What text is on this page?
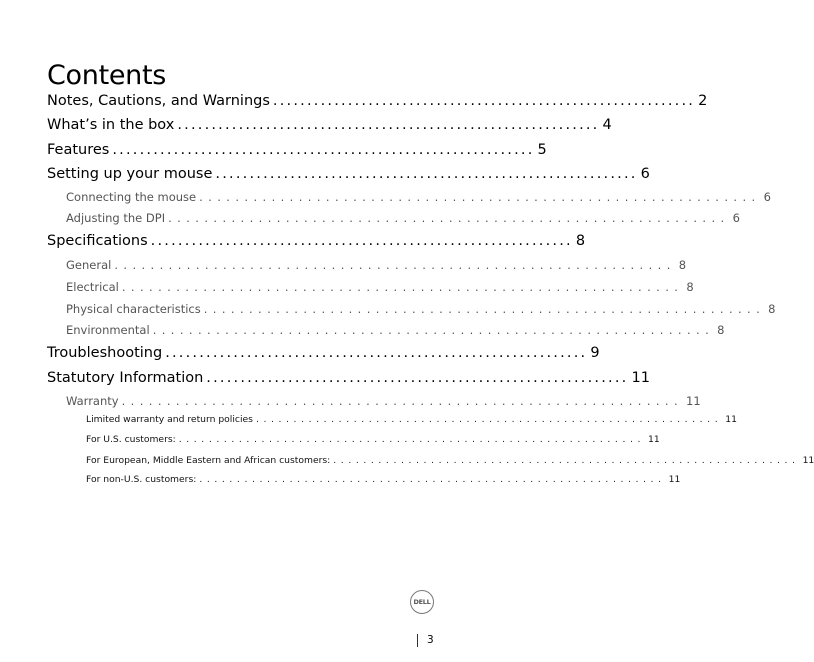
Contents
Notes, Cautions, and Warnings .............................................................. 2
What’s in the box .............................................................. 4
Features .............................................................. 5
Setting up your mouse .............................................................. 6
Connecting the mouse .............................................................. 6
Adjusting the DPI .............................................................. 6
Specifications .............................................................. 8
General .............................................................. 8
Electrical .............................................................. 8
Physical characteristics .............................................................. 8
Environmental .............................................................. 8
Troubleshooting .............................................................. 9
Statutory Information .............................................................. 11
Warranty .............................................................. 11
Limited warranty and return policies .............................................................. 11
For U.S. customers: .............................................................. 11
For European, Middle Eastern and African customers: .............................................................. 11
For non-U.S. customers: .............................................................. 11
DELL
3
